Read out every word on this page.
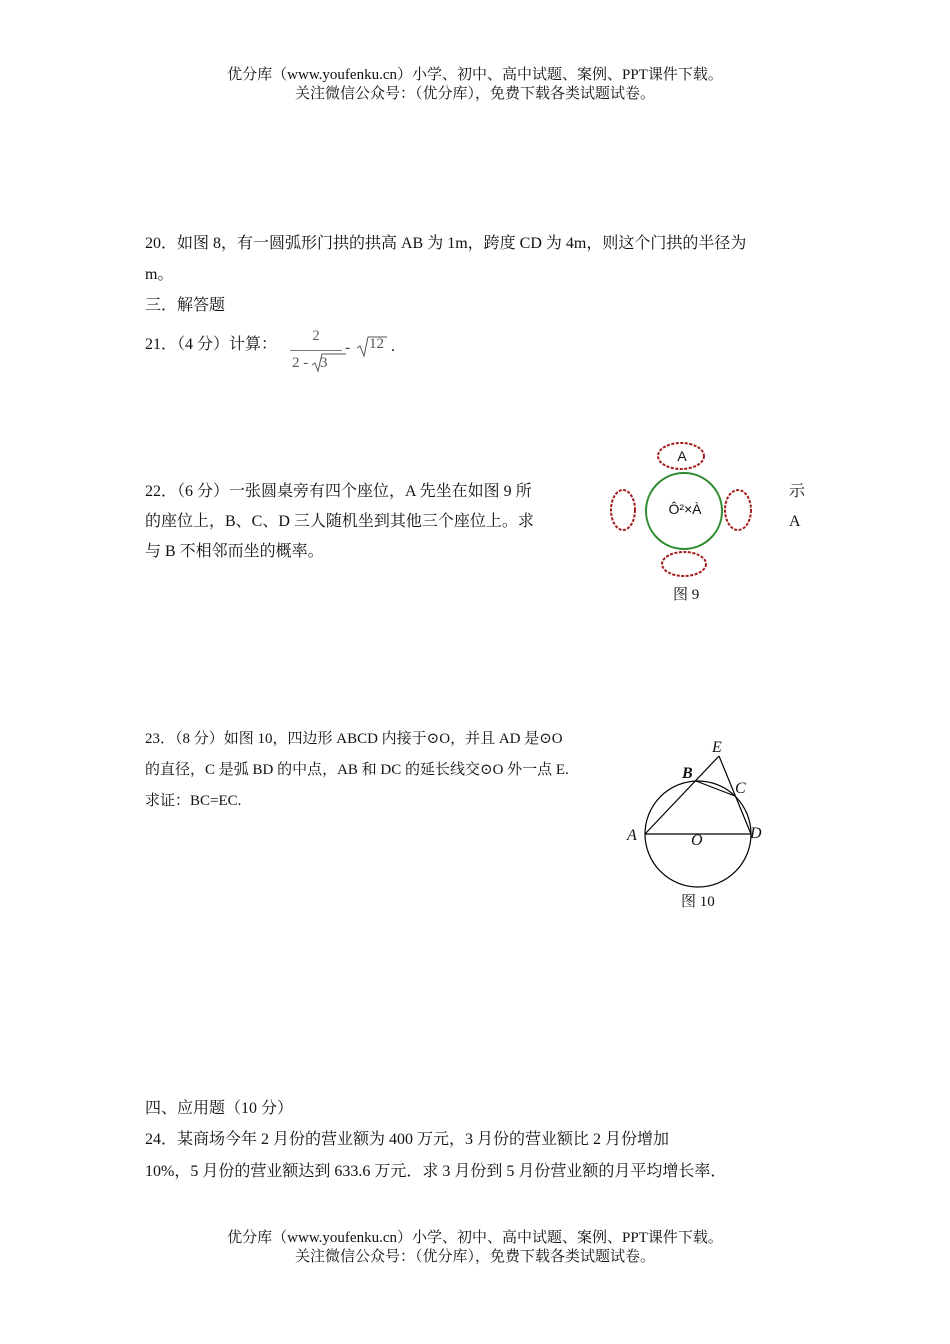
优分库（www.youfenku.cn）小学、初中、高中试题、案例、PPT课件下载。
关注微信公众号：（优分库），免费下载各类试题试卷。
20．如图 8，有一圆弧形门拱的拱高 AB 为 1m，跨度 CD 为 4m，则这个门拱的半径为
m。
三．解答题
21．（4 分）计算：	2
2 - 3
-	12 .
22．（6 分）一张圆桌旁有四个座位，A 先坐在如图 9 所	示
的座位上，B、C、D 三人随机坐到其他三个座位上。求	A
与 B 不相邻而坐的概率。
A
Ô²×À
图 9
23．（8 分）如图 10，四边形 ABCD 内接于⊙O，并且 AD 是⊙O
的直径，C 是弧 BD 的中点，AB 和 DC 的延长线交⊙O 外一点 E.
求证：BC=EC.
E
B
C
A	D
O
图 10
四、应用题（10 分）
24．某商场今年 2 月份的营业额为 400 万元，3 月份的营业额比 2 月份增加
10%，5 月份的营业额达到 633.6 万元．求 3 月份到 5 月份营业额的月平均增长率．
优分库（www.youfenku.cn）小学、初中、高中试题、案例、PPT课件下载。
关注微信公众号：（优分库），免费下载各类试题试卷。
